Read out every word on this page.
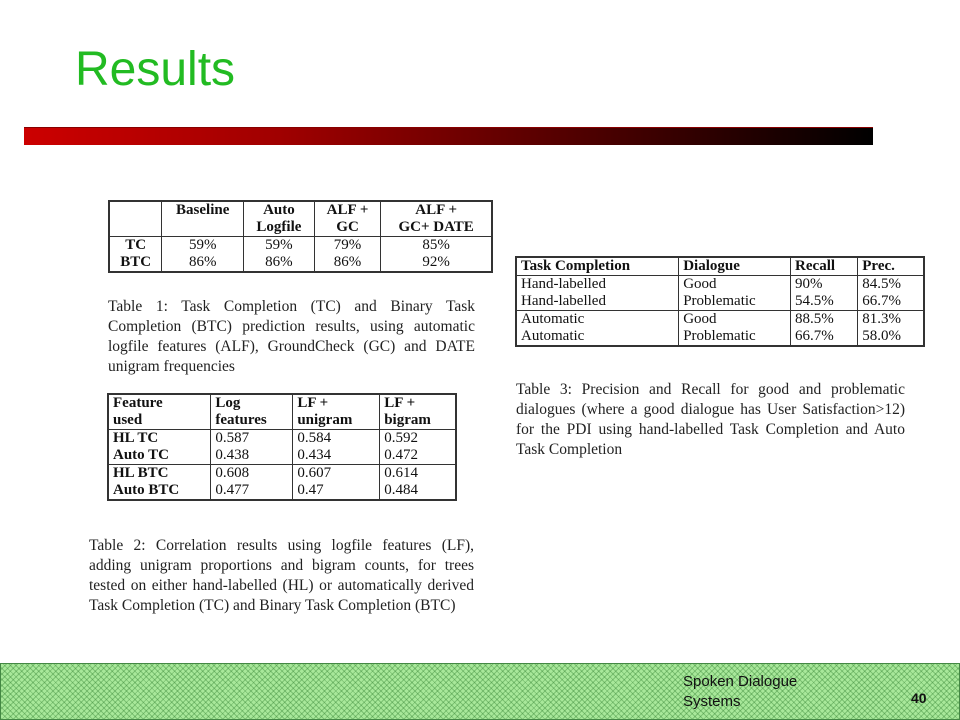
Results
	Baseline	Auto	ALF +	ALF +
		Logfile	GC	GC+ DATE
TC	59%	59%	79%	85%
BTC	86%	86%	86%	92%
Table 1: Task Completion (TC) and Binary Task Completion (BTC) prediction results, using automatic logfile features (ALF), GroundCheck (GC) and DATE unigram frequencies
Feature	Log	LF +	LF +
used	features	unigram	bigram
HL TC	0.587	0.584	0.592
Auto TC	0.438	0.434	0.472
HL BTC	0.608	0.607	0.614
Auto BTC	0.477	0.47	0.484
Table 2: Correlation results using logfile features (LF), adding unigram proportions and bigram counts, for trees tested on either hand-labelled (HL) or automatically derived Task Completion (TC) and Binary Task Completion (BTC)
Task Completion	Dialogue	Recall	Prec.
Hand-labelled	Good	90%	84.5%
Hand-labelled	Problematic	54.5%	66.7%
Automatic	Good	88.5%	81.3%
Automatic	Problematic	66.7%	58.0%
Table 3: Precision and Recall for good and problematic dialogues (where a good dialogue has User Satisfaction>12) for the PDI using hand-labelled Task Completion and Auto Task Completion
Spoken Dialogue Systems	40
